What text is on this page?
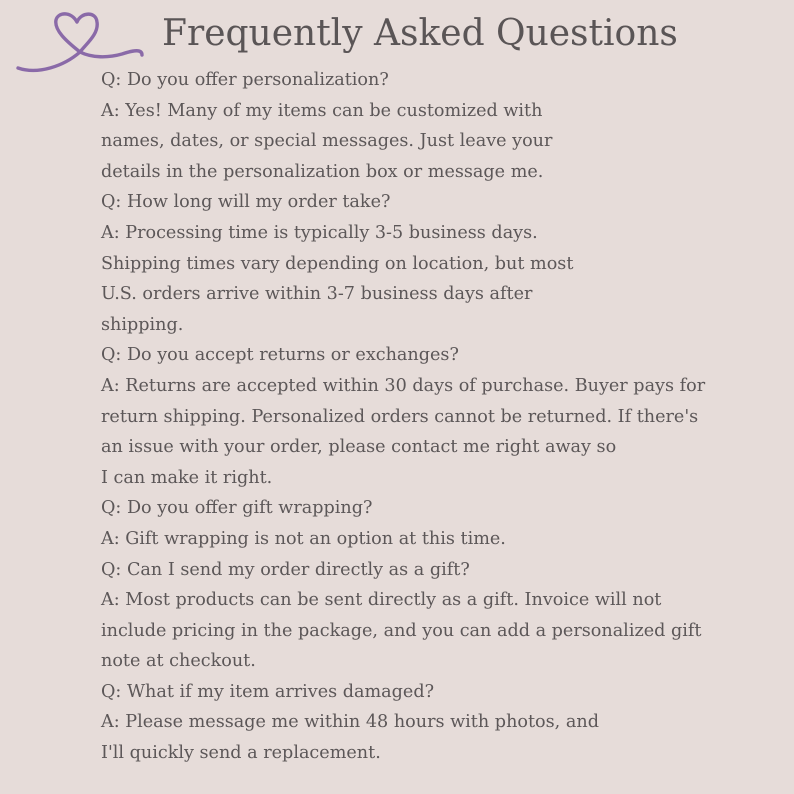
Frequently Asked Questions
Q: Do you offer personalization?
A: Yes! Many of my items can be customized with
names, dates, or special messages. Just leave your
details in the personalization box or message me.
Q: How long will my order take?
A: Processing time is typically 3-5 business days.
Shipping times vary depending on location, but most
U.S. orders arrive within 3-7 business days after
shipping.
Q: Do you accept returns or exchanges?
A: Returns are accepted within 30 days of purchase. Buyer pays for
return shipping. Personalized orders cannot be returned. If there's
an issue with your order, please contact me right away so
I can make it right.
Q: Do you offer gift wrapping?
A: Gift wrapping is not an option at this time.
Q: Can I send my order directly as a gift?
A: Most products can be sent directly as a gift. Invoice will not
include pricing in the package, and you can add a personalized gift
note at checkout.
Q: What if my item arrives damaged?
A: Please message me within 48 hours with photos, and
I'll quickly send a replacement.
